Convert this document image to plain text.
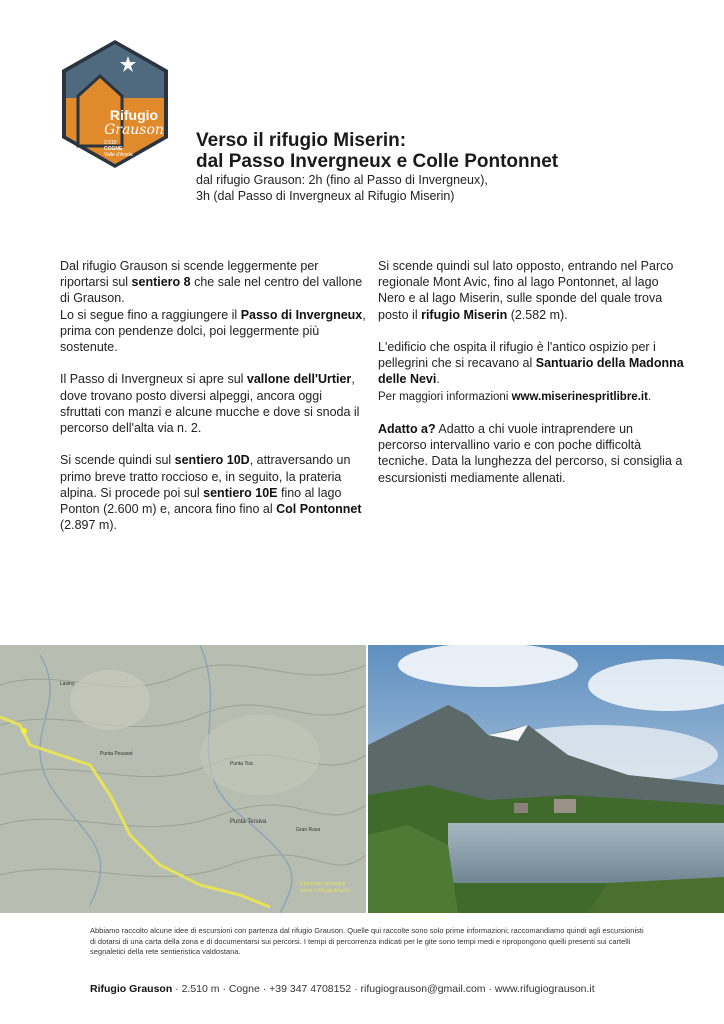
Rifugio
Grauson
2.510
COGNE
Valle d'Aosta
Verso il rifugio Miserin:
dal Passo Invergneux e Colle Pontonnet
dal rifugio Grauson: 2h (fino al Passo di Invergneux),
3h (dal Passo di Invergneux al Rifugio Miserin)

Dal rifugio Grauson si scende leggermente per riportarsi sul sentiero 8 che sale nel centro del vallone di Grauson.
Lo si segue fino a raggiungere il Passo di Invergneux, prima con pendenze dolci, poi leggermente più sostenute.

Il Passo di Invergneux si apre sul vallone dell'Urtier, dove trovano posto diversi alpeggi, ancora oggi sfruttati con manzi e alcune mucche e dove si snoda il percorso dell'alta via n. 2.

Si scende quindi sul sentiero 10D, attraversando un primo breve tratto roccioso e, in seguito, la prateria alpina. Si procede poi sul sentiero 10E fino al lago Ponton (2.600 m) e, ancora fino fino al Col Pontonnet (2.897 m).

Si scende quindi sul lato opposto, entrando nel Parco regionale Mont Avic, fino al lago Pontonnet, al lago Nero e al lago Miserin, sulle sponde del quale trova posto il rifugio Miserin (2.582 m).

L'edificio che ospita il rifugio è l'antico ospizio per i pellegrini che si recavano al Santuario della Madonna delle Nevi.
Per maggiori informazioni www.miserinespritlibre.it.

Adatto a? Adatto a chi vuole intraprendere un percorso intervallino vario e con poche difficoltà tecniche. Data la lunghezza del percorso, si consiglia a escursionisti mediamente allenati.

Punta Tersiva
Punta Tisc
Gran Ruva
Punta Pousset
Laviny
Il percorso prosegue
verso il Rifugio Miserin
Abbiamo raccolto alcune idee di escursioni con partenza dal rifugio Grauson. Quelle qui raccolte sono solo prime informazioni; raccomandiamo quindi agli escursionisti di dotarsi di una carta della zona e di documentarsi sui percorsi. I tempi di percorrenza indicati per le gite sono tempi medi e ripropongono quelli presenti sui cartelli segnaletici della rete sentieristica valdostana.
Rifugio Grauson · 2.510 m · Cogne · +39 347 4708152 · rifugiograuson@gmail.com · www.rifugiograuson.it
